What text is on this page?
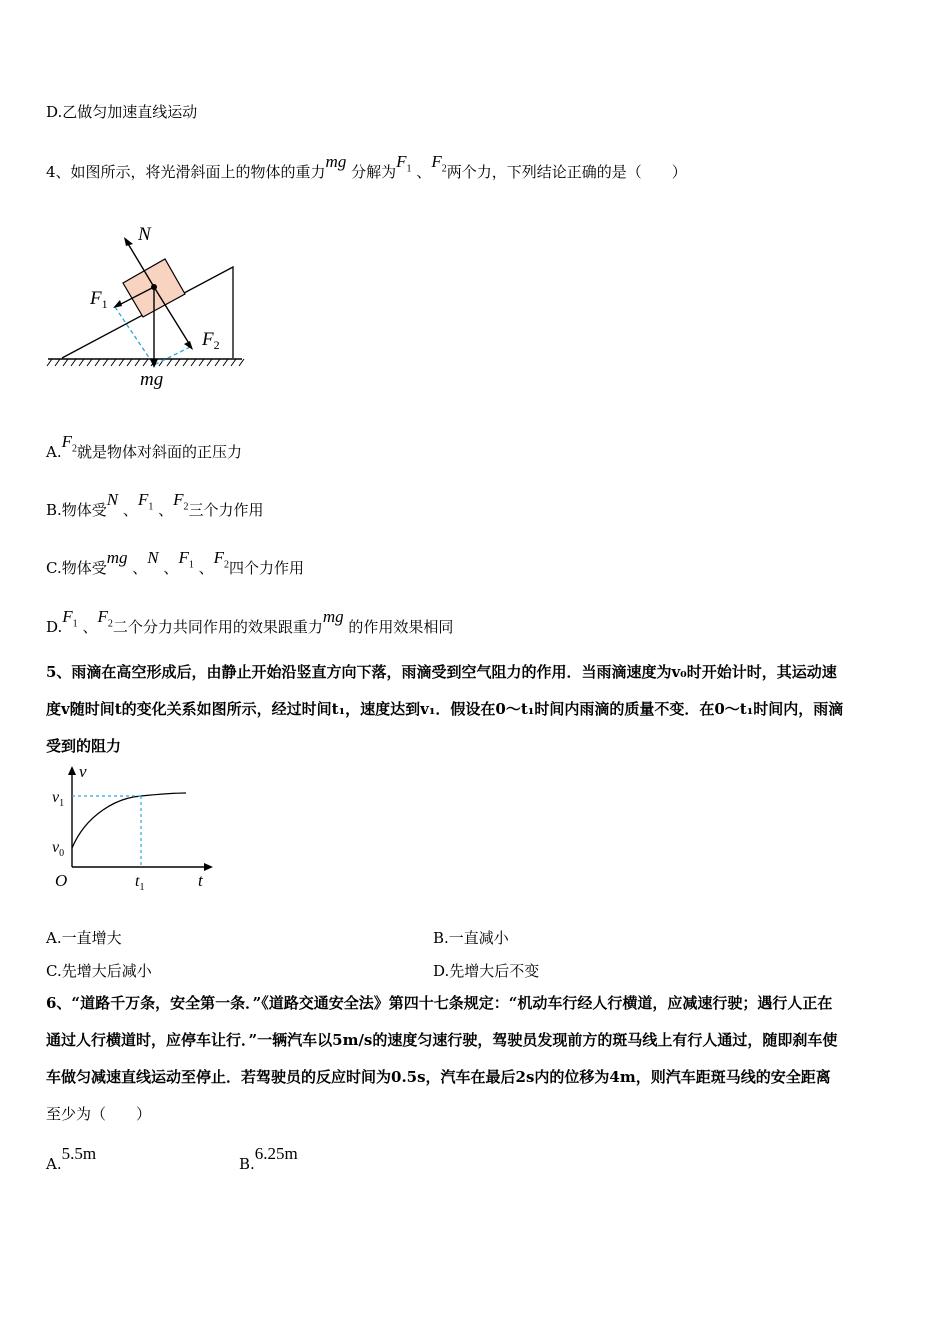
D.乙做匀加速直线运动
4、如图所示，将光滑斜面上的物体的重力mg 分解为$F_1$ 、$F_2$两个力，下列结论正确的是（　　）
N
$F_1$
$F_2$
mg
$A.F_2$就是物体对斜面的正压力
B.物体受N 、$F_1$ 、$F_2$三个力作用
C.物体受mg 、N 、$F_1$ 、$F_2$四个力作用
$D.F_1$ 、$F_2$二个分力共同作用的效果跟重力mg 的作用效果相同
5、雨滴在高空形成后，由静止开始沿竖直方向下落，雨滴受到空气阻力的作用．当雨滴速度为v₀时开始计时，其运动速
度v随时间t的变化关系如图所示，经过时间t₁，速度达到v₁．假设在0～t₁时间内雨滴的质量不变．在0～t₁时间内，雨滴
受到的阻力
v
t
O
$v_1$
$v_0$
$t_1$
A.一直增大	B.一直减小
C.先增大后减小	D.先增大后不变
6、“道路千万条，安全第一条．”《道路交通安全法》第四十七条规定：“机动车行经人行横道，应减速行驶；遇行人正在
通过人行横道时，应停车让行．”一辆汽车以5m/s的速度匀速行驶，驾驶员发现前方的斑马线上有行人通过，随即刹车使
车做匀减速直线运动至停止．若驾驶员的反应时间为0.5s，汽车在最后2s内的位移为4m，则汽车距斑马线的安全距离
至少为（　　）
A.5.5m
B.6.25m
